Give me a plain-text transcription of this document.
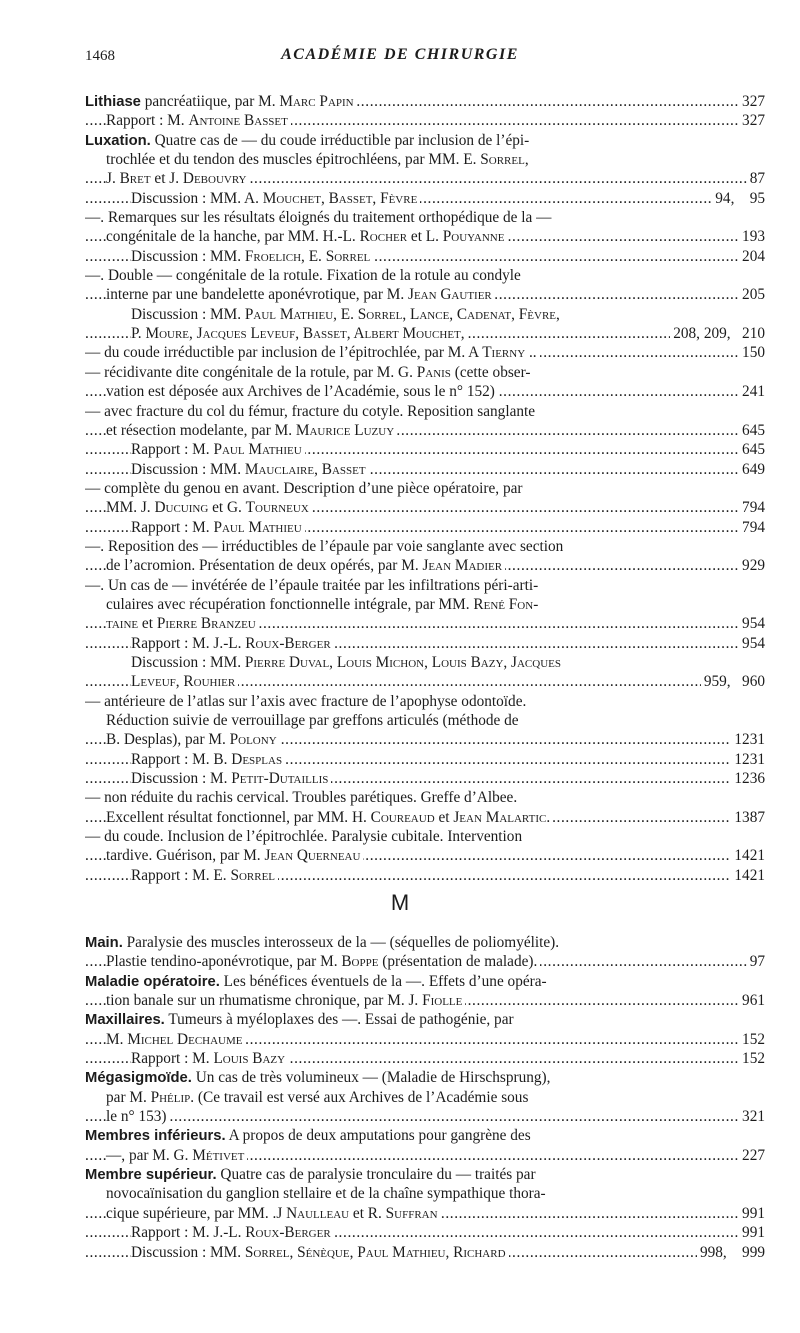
1468	ACADÉMIE DE CHIRURGIE
. . .
Lithiase pancréatiique, par M. Marc Papin	327
. . .
Rapport : M. Antoine Basset	327
Luxation. Quatre cas de — du coude irréductible par inclusion de l’épi-
trochlée et du tendon des muscles épitrochléens, par MM. E. Sorrel,
. . .
J. Bret et J. Debouvry	87
. . .
Discussion : MM. A. Mouchet, Basset, Fèvre	94,    95
—. Remarques sur les résultats éloignés du traitement orthopédique de la —
. . .
congénitale de la hanche, par MM. H.-L. Rocher et L. Pouyanne	193
. . .
Discussion : MM. Froelich, E. Sorrel	204
—. Double — congénitale de la rotule. Fixation de la rotule au condyle
. . .
interne par une bandelette aponévrotique, par M. Jean Gautier	205
Discussion : MM. Paul Mathieu, E. Sorrel, Lance, Cadenat, Fèvre,
. . .
P. Moure, Jacques Leveuf, Basset, Albert Mouchet,	208, 209,   210
. . .
— du coude irréductible par inclusion de l’épitrochlée, par M. A Tierny ..	150
— récidivante dite congénitale de la rotule, par M. G. Panis (cette obser-
. . .
vation est déposée aux Archives de l’Académie, sous le n° 152)	241
— avec fracture du col du fémur, fracture du cotyle. Reposition sanglante
. . .
et résection modelante, par M. Maurice Luzuy	645
. . .
Rapport : M. Paul Mathieu	645
. . .
Discussion : MM. Mauclaire, Basset	649
— complète du genou en avant. Description d’une pièce opératoire, par
. . .
MM. J. Ducuing et G. Tourneux	794
. . .
Rapport : M. Paul Mathieu	794
—. Reposition des — irréductibles de l’épaule par voie sanglante avec section
. . .
de l’acromion. Présentation de deux opérés, par M. Jean Madier	929
—. Un cas de — invétérée de l’épaule traitée par les infiltrations péri-arti-
culaires avec récupération fonctionnelle intégrale, par MM. René Fon-
. . .
taine et Pierre Branzeu	954
. . .
Rapport : M. J.-L. Roux-Berger	954
Discussion : MM. Pierre Duval, Louis Michon, Louis Bazy, Jacques
. . .
Leveuf, Rouhier	959,   960
— antérieure de l’atlas sur l’axis avec fracture de l’apophyse odontoïde.
Réduction suivie de verrouillage par greffons articulés (méthode de
. . .
B. Desplas), par M. Polony	1231
. . .
Rapport : M. B. Desplas	1231
. . .
Discussion : M. Petit-Dutaillis	1236
— non réduite du rachis cervical. Troubles parétiques. Greffe d’Albee.
. . .
Excellent résultat fonctionnel, par MM. H. Coureaud et Jean Malartic.	1387
— du coude. Inclusion de l’épitrochlée. Paralysie cubitale. Intervention
. . .
tardive. Guérison, par M. Jean Querneau	1421
. . .
Rapport : M. E. Sorrel	1421
M
Main. Paralysie des muscles interosseux de la — (séquelles de poliomyélite).
. . .
Plastie tendino-aponévrotique, par M. Boppe (présentation de malade).	97
Maladie opératoire. Les bénéfices éventuels de la —. Effets d’une opéra-
. . .
tion banale sur un rhumatisme chronique, par M. J. Fiolle	961
Maxillaires. Tumeurs à myéloplaxes des —. Essai de pathogénie, par
. . .
M. Michel Dechaume	152
. . .
Rapport : M. Louis Bazy	152
Mégasigmoïde. Un cas de très volumineux — (Maladie de Hirschsprung),
par M. Phélip. (Ce travail est versé aux Archives de l’Académie sous
. . .
le n° 153)	321
Membres inférieurs. A propos de deux amputations pour gangrène des
. . .
—, par M. G. Métivet	227
Membre supérieur. Quatre cas de paralysie tronculaire du — traités par
novocaïnisation du ganglion stellaire et de la chaîne sympathique thora-
. . .
cique supérieure, par MM. .J Naulleau et R. Suffran	991
. . .
Rapport : M. J.-L. Roux-Berger	991
. . .
Discussion : MM. Sorrel, Sénèque, Paul Mathieu, Richard	998,    999
